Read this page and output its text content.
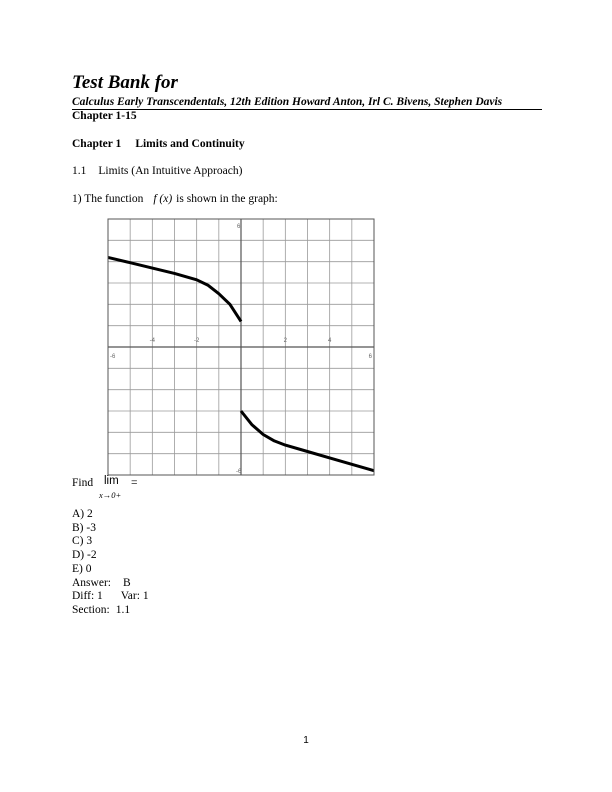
Test Bank for
Calculus Early Transcendentals, 12th Edition Howard Anton, Irl C. Bivens, Stephen Davis
Chapter 1-15
Chapter 1 Limits and Continuity
1.1 Limits (An Intuitive Approach)
1) The function f (x) is shown in the graph:
-4	-2	2	4
-6	6
6
-6
Find lim =
x→0+
A) 2
B) -3
C) 3
D) -2
E) 0
Answer: B
Diff: 1 Var: 1
Section: 1.1
1
